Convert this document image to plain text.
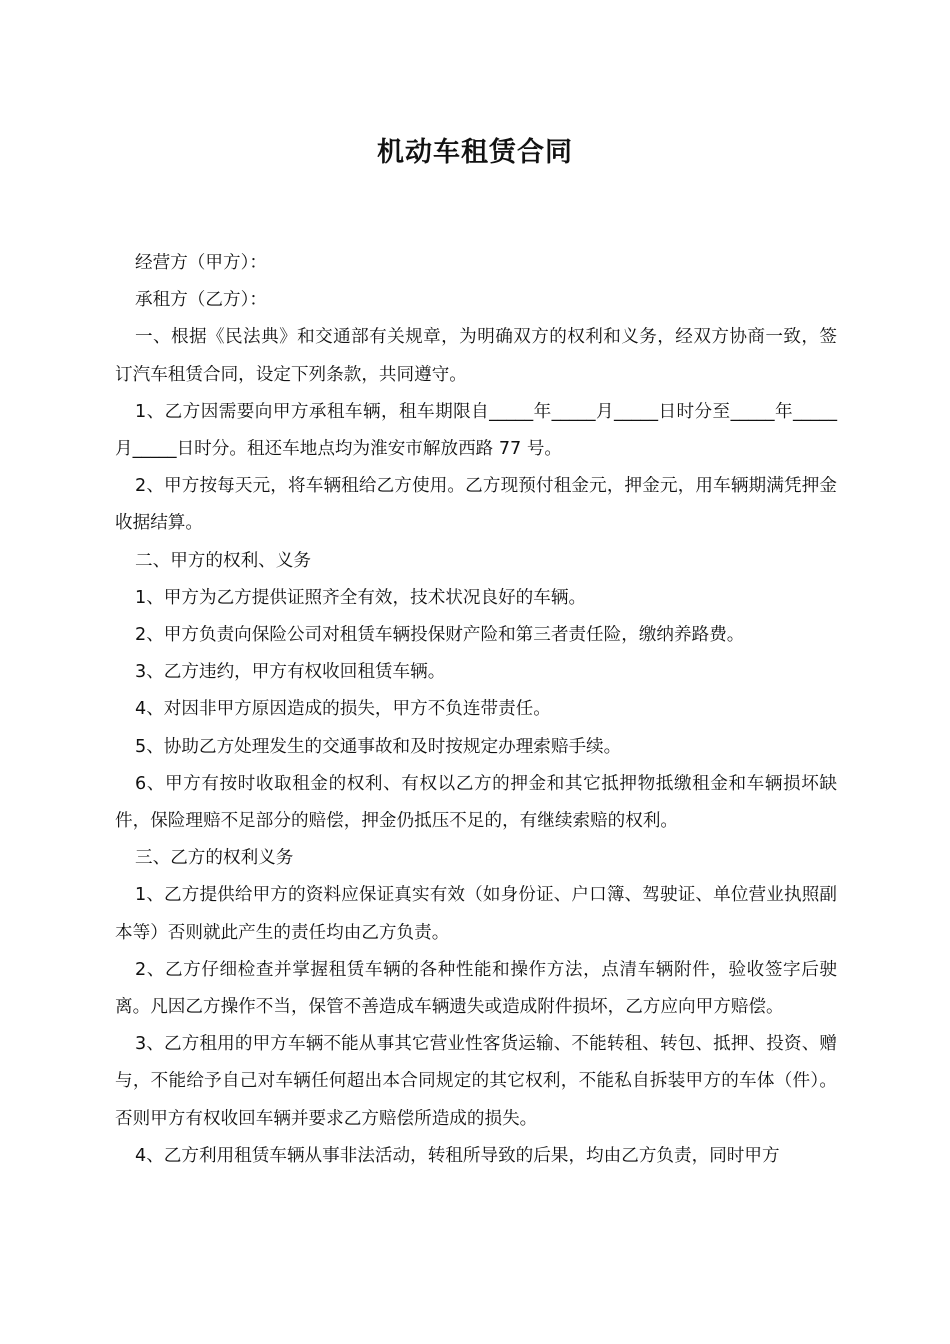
机动车租赁合同

经营方（甲方）：

承租方（乙方）：

一、根据《民法典》和交通部有关规章，为明确双方的权利和义务，经双方协商一致，签订汽车租赁合同，设定下列条款，共同遵守。

1、乙方因需要向甲方承租车辆，租车期限自_____年_____月_____日时分至_____年_____月_____日时分。租还车地点均为淮安市解放西路 77 号。

2、甲方按每天元，将车辆租给乙方使用。乙方现预付租金元，押金元，用车辆期满凭押金收据结算。

二、甲方的权利、义务

1、甲方为乙方提供证照齐全有效，技术状况良好的车辆。

2、甲方负责向保险公司对租赁车辆投保财产险和第三者责任险，缴纳养路费。

3、乙方违约，甲方有权收回租赁车辆。

4、对因非甲方原因造成的损失，甲方不负连带责任。

5、协助乙方处理发生的交通事故和及时按规定办理索赔手续。

6、甲方有按时收取租金的权利、有权以乙方的押金和其它抵押物抵缴租金和车辆损坏缺件，保险理赔不足部分的赔偿，押金仍抵压不足的，有继续索赔的权利。

三、乙方的权利义务

1、乙方提供给甲方的资料应保证真实有效（如身份证、户口簿、驾驶证、单位营业执照副本等）否则就此产生的责任均由乙方负责。

2、乙方仔细检查并掌握租赁车辆的各种性能和操作方法，点清车辆附件，验收签字后驶离。凡因乙方操作不当，保管不善造成车辆遗失或造成附件损坏，乙方应向甲方赔偿。

3、乙方租用的甲方车辆不能从事其它营业性客货运输、不能转租、转包、抵押、投资、赠与，不能给予自己对车辆任何超出本合同规定的其它权利，不能私自拆装甲方的车体（件）。否则甲方有权收回车辆并要求乙方赔偿所造成的损失。

4、乙方利用租赁车辆从事非法活动，转租所导致的后果，均由乙方负责，同时甲方
